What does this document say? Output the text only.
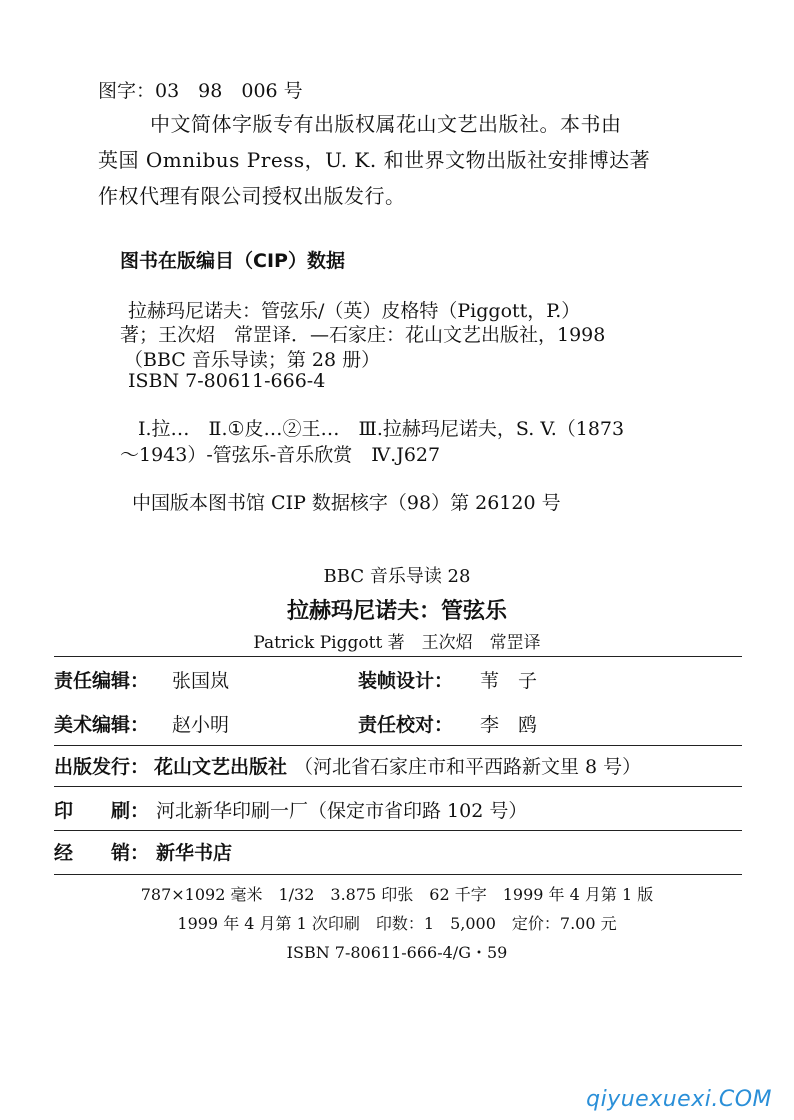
图字：03　98　006 号
中文简体字版专有出版权属花山文艺出版社。本书由
英国 Omnibus Press，U. K. 和世界文物出版社安排博达著
作权代理有限公司授权出版发行。
图书在版编目（CIP）数据
拉赫玛尼诺夫：管弦乐/（英）皮格特（Piggott，P.）
著；王次炤　常罡译．—石家庄：花山文艺出版社，1998
（BBC 音乐导读；第 28 册）
ISBN 7-80611-666-4
Ⅰ.拉…　Ⅱ.①皮…②王…　Ⅲ.拉赫玛尼诺夫，S. V.（1873
～1943）-管弦乐-音乐欣赏　Ⅳ.J627
中国版本图书馆 CIP 数据核字（98）第 26120 号
BBC 音乐导读 28
拉赫玛尼诺夫：管弦乐
Patrick Piggott 著　王次炤　常罡译
责任编辑： 张国岚	装帧设计： 苇　子
美术编辑： 赵小明	责任校对： 李　鸥
出版发行： 花山文艺出版社 （河北省石家庄市和平西路新文里 8 号）
印　　刷： 河北新华印刷一厂（保定市省印路 102 号）
经　　销： 新华书店
787×1092 毫米　1/32　3.875 印张　62 千字　1999 年 4 月第 1 版
1999 年 4 月第 1 次印刷　印数：1　5,000　定价：7.00 元
ISBN 7-80611-666-4/G・59
qiyuexuexi.COM
